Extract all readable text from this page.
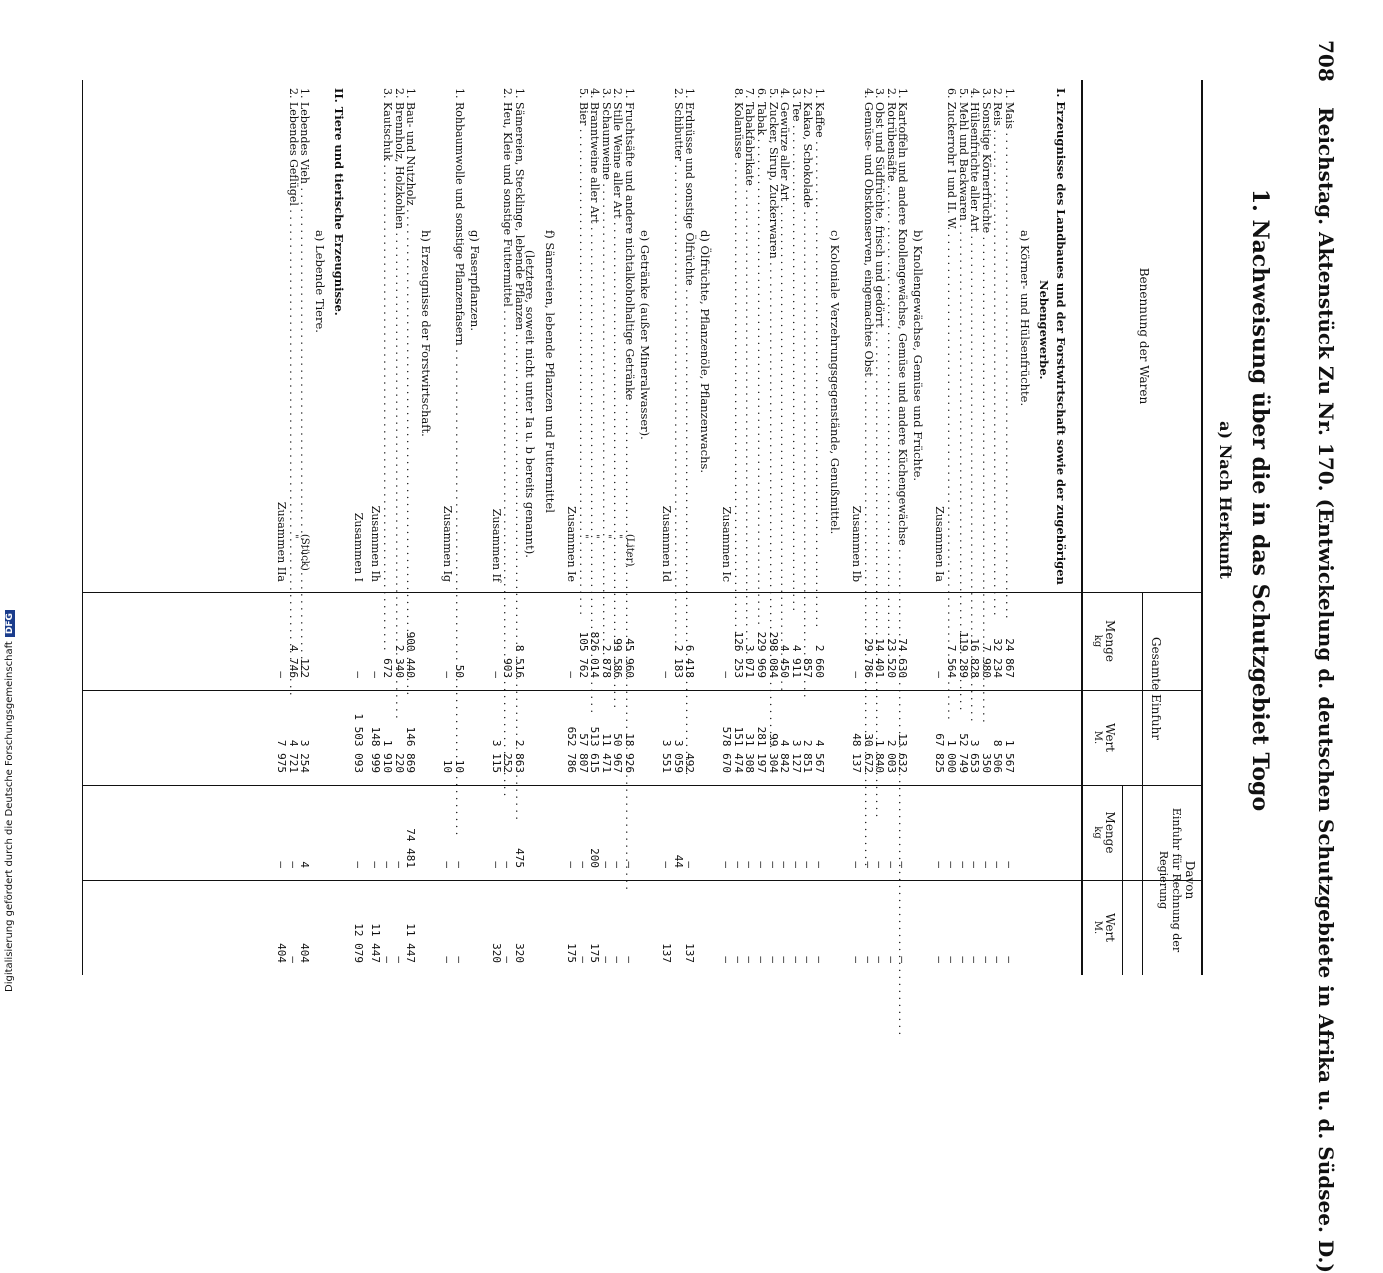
708 Reichstag. Aktenstück Zu Nr. 170. (Entwickelung d. deutschen Schutzgebiete in Afrika u. d. Südsee. D.)
1. Nachweisung über die in das Schutzgebiet Togo
a) Nach Herkunft
Benennung der Waren
Gesamte Einfuhr
Davon
Einfuhr für Rechnung der Regierung
Menge
kg
Wert
M.
Menge
kg
Wert
M.
I. Erzeugnisse des Landbaues und der Forstwirtschaft sowie der zugehörigen
Nebengewerbe.
a) Körner- und Hülsenfrüchte.
1. Mais . . .
24 867
1 567
—
—
2. Reis . . .
32 234
8 506
—
—
3. Sonstige Körnerfrüchte . . .
7 980
350
—
—
4. Hülsenfrüchte aller Art . . .
16 828
3 653
—
—
5. Mehl und Backwaren . . .
119 289
52 749
—
—
6. Zuckerrohr I und II. W. . . .
7 564
1 000
—
—
Zusammen Ia
—
67 825
—
—
b) Knollengewächse, Gemüse und Früchte.
1. Kartoffeln und andere Knollengewächse, Gemüse und andere Küchengewächse . . .
74 630
13 632
—
—
2. Rotrübensäfte . . .
23 520
2 003
—
—
3. Obst und Südfrüchte, frisch und gedörrt . . .
14 401
1 840
—
—
4. Gemüse- und Obstkonserven, eingemachtes Obst . . .
29 786
30 672
—
—
Zusammen Ib
—
48 137
—
—
c) Koloniale Verzehrungsgegenstände, Genußmittel.
1. Kaffee . . .
2 660
4 567
—
—
2. Kakao, Schokolade . . .
857
2 851
—
—
3. Tee . . .
4 911
3 127
—
—
4. Gewürze aller Art . . .
4 450
4 842
—
—
5. Zucker, Sirup, Zuckerwaren . . .
298 084
99 304
—
—
6. Tabak . . .
229 969
281 197
—
—
7. Tabakfabrikate . . .
3 071
31 308
—
—
8. Kolanüsse . . .
126 253
151 474
—
—
Zusammen Ic
—
578 670
—
—
d) Ölfrüchte, Pflanzenöle, Pflanzenwachs.
1. Erdnüsse und sonstige Ölfrüchte . . .
6 418
492
—
137
2. Schibutter . . .
2 183
3 059
44
Zusammen Id
—
3 551
—
137
e) Getränke (außer Mineralwasser).
1. Fruchtsäfte und andere nichtalkoholhaltige Getränke . . .
(Liter)
45 960
18 926
—
—
2. Stille Weine aller Art . . .
"
99 586
50 967
—
—
3. Schaumweine . . .
"
2 878
11 471
—
—
4. Branntweine aller Art . . .
"
826 014
513 615
200
175
5. Bier . . .
"
105 762
57 807
—
—
Zusammen Ie
—
652 786
—
175
f) Sämereien, lebende Pflanzen und Futtermittel
(letztere, soweit nicht unter Ia u. b bereits genannt).
1. Sämereien, Stecklinge, lebende Pflanzen . . .
8 516
2 863
475
320
2. Heu, Kleie und sonstige Futtermittel . . .
903
252
—
—
Zusammen If
—
3 115
—
320
g) Faserpflanzen.
1. Rohbaumwolle und sonstige Pflanzenfasern . . .
50
10
—
—
Zusammen Ig
—
10
—
—
h) Erzeugnisse der Forstwirtschaft.
1. Bau- und Nutzholz . . .
900 440
146 869
74 481
11 447
2. Brennholz, Holzkohlen . . .
2 340
220
—
—
3. Kautschuk . . .
672
1 910
—
—
Zusammen Ih
—
148 999
—
11 447
Zusammen I
—
1 503 093
—
12 079
II. Tiere und tierische Erzeugnisse.
a) Lebende Tiere.
1. Lebendes Vieh . . .
(Stück)
122
3 254
4
404
2. Lebendes Geflügel . . .
"
4 746
4 721
—
—
Zusammen IIa
—
7 975
—
404
Digitalisierung gefördert durch die Deutsche ForschungsgemeinschaftDFG
